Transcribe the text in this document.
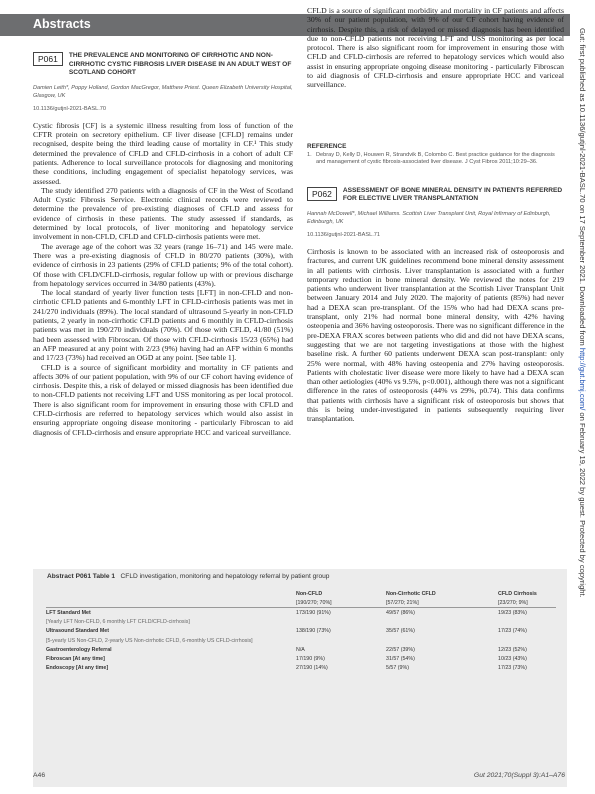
Abstracts
P061	THE PREVALENCE AND MONITORING OF CIRRHOTIC AND NON-CIRRHOTIC CYSTIC FIBROSIS LIVER DISEASE IN AN ADULT WEST OF SCOTLAND COHORT
Damien Leith*, Poppy Holland, Gordon MacGregor, Matthew Priest. Queen Elizabeth University Hospital, Glasgow, UK
10.1136/gutjnl-2021-BASL.70

Cystic fibrosis [CF] is a systemic illness resulting from loss of function of the CFTR protein on secretory epithelium. CF liver disease [CFLD] remains under recognised, despite being the third leading cause of mortality in CF.¹ This study determined the prevalence of CFLD and CFLD-cirrhosis in a cohort of adult CF patients. Adherence to local surveillance protocols for diagnosing and monitoring these conditions, including engagement of specialist hepatology services, was assessed.

The study identified 270 patients with a diagnosis of CF in the West of Scotland Adult Cystic Fibrosis Service. Electronic clinical records were reviewed to determine the prevalence of pre-existing diagnoses of CFLD and assess for evidence of cirrhosis in these patients. The study assessed if standards, as determined by local protocols, of liver monitoring and hepatology service involvement in non-CFLD, CFLD and CFLD-cirrhosis patients were met.

The average age of the cohort was 32 years (range 16–71) and 145 were male. There was a pre-existing diagnosis of CFLD in 80/270 patients (30%), with evidence of cirrhosis in 23 patients (29% of CFLD patients; 9% of the total cohort). Of those with CFLD/CFLD-cirrhosis, regular follow up with or previous discharge from hepatology services occurred in 34/80 patients (43%).

The local standard of yearly liver function tests [LFT] in non-CFLD and non-cirrhotic CFLD patients and 6-monthly LFT in CFLD-cirrhosis patients was met in 241/270 individuals (89%). The local standard of ultrasound 5-yearly in non-CFLD patients, 2 yearly in non-cirrhotic CFLD patients and 6 monthly in CFLD-cirrhosis patients was met in 190/270 individuals (70%). Of those with CFLD, 41/80 (51%) had been assessed with Fibroscan. Of those with CFLD-cirrhosis 15/23 (65%) had an AFP measured at any point with 2/23 (9%) having had an AFP within 6 months and 17/23 (73%) had received an OGD at any point. [See table 1].

CFLD is a source of significant morbidity and mortality in CF patients and affects 30% of our patient population, with 9% of our CF cohort having evidence of cirrhosis. Despite this, a risk of delayed or missed diagnosis has been identified due to non-CFLD patients not receiving LFT and USS monitoring as per local protocol. There is also significant room for improvement in ensuring those with CFLD and CFLD-cirrhosis are referred to hepatology services which would also assist in ensuring appropriate ongoing disease monitoring - particularly Fibroscan to aid diagnosis of CFLD-cirrhosis and ensure appropriate HCC and variceal surveillance.

CFLD is a source of significant morbidity and mortality in CF patients and affects 30% of our patient population, with 9% of our CF cohort having evidence of cirrhosis. Despite this, a risk of delayed or missed diagnosis has been identified due to non-CFLD patients not receiving LFT and USS monitoring as per local protocol. There is also significant room for improvement in ensuring those with CFLD and CFLD-cirrhosis are referred to hepatology services which would also assist in ensuring appropriate ongoing disease monitoring - particularly Fibroscan to aid diagnosis of CFLD-cirrhosis and ensure appropriate HCC and variceal surveillance.

REFERENCE
1. Debray D, Kelly D, Houwen R, Strandvik B, Colombo C. Best practice guidance for the diagnosis and management of cystic fibrosis-associated liver disease. J Cyst Fibros 2011;10:29–36.
P062	ASSESSMENT OF BONE MINERAL DENSITY IN PATIENTS REFERRED FOR ELECTIVE LIVER TRANSPLANTATION
Hannah McDowell*, Michael Williams. Scottish Liver Transplant Unit, Royal Infirmary of Edinburgh, Edinburgh, UK
10.1136/gutjnl-2021-BASL.71

Cirrhosis is known to be associated with an increased risk of osteoporosis and fractures, and current UK guidelines recommend bone mineral density assessment in all patients with cirrhosis. Liver transplantation is associated with a further temporary reduction in bone mineral density. We reviewed the notes for 219 patients who underwent liver transplantation at the Scottish Liver Transplant Unit between January 2014 and July 2020. The majority of patients (85%) had never had a DEXA scan pre-transplant. Of the 15% who had had DEXA scans pre-transplant, only 21% had normal bone mineral density, with 42% having osteopenia and 36% having osteoporosis. There was no significant difference in the pre-DEXA FRAX scores between patients who did and did not have DEXA scans, suggesting that we are not targeting investigations at those with the highest baseline risk. A further 60 patients underwent DEXA scan post-transplant: only 25% were normal, with 48% having osteopenia and 27% having osteoporosis. Patients with cholestatic liver disease were more likely to have had a DEXA scan than other aetiologies (40% vs 9.5%, p<0.001), although there was not a significant difference in the rates of osteoporosis (44% vs 29%, p0.74). This data confirms that patients with cirrhosis have a significant risk of osteoporosis but shows that this is being under-investigated in patients subsequently requiring liver transplantation.

Abstract P061 Table 1 CFLD investigation, monitoring and hepatology referral by patient group
	Non-CFLD	Non-Cirrhotic CFLD	CFLD Cirrhosis
	[190/270; 70%]	[57/270; 21%]	[23/270; 9%]
LFT Standard Met	173/190 (91%)	49/57 (86%)	19/23 (83%)
[Yearly LFT Non-CFLD, 6 monthly LFT CFLD/CFLD-cirrhosis]			
Ultrasound Standard Met	138/190 (73%)	35/57 (61%)	17/23 (74%)
[5-yearly US Non-CFLD, 2-yearly US Non-cirrhotic CFLD, 6-monthly US CFLD-cirrhosis]			
Gastroenterology Referral	N/A	22/57 (39%)	12/23 (52%)
Fibroscan [At any time]	17/190 (9%)	31/57 (54%)	10/23 (43%)
Endoscopy [At any time]	27/190 (14%)	5/57 (9%)	17/23 (73%)
A46	Gut 2021;70(Suppl 3):A1–A76
Gut: first published as 10.1136/gutjnl-2021-BASL.70 on 17 September 2021. Downloaded from http://gut.bmj.com/ on February 19, 2022 by guest. Protected by copyright.
